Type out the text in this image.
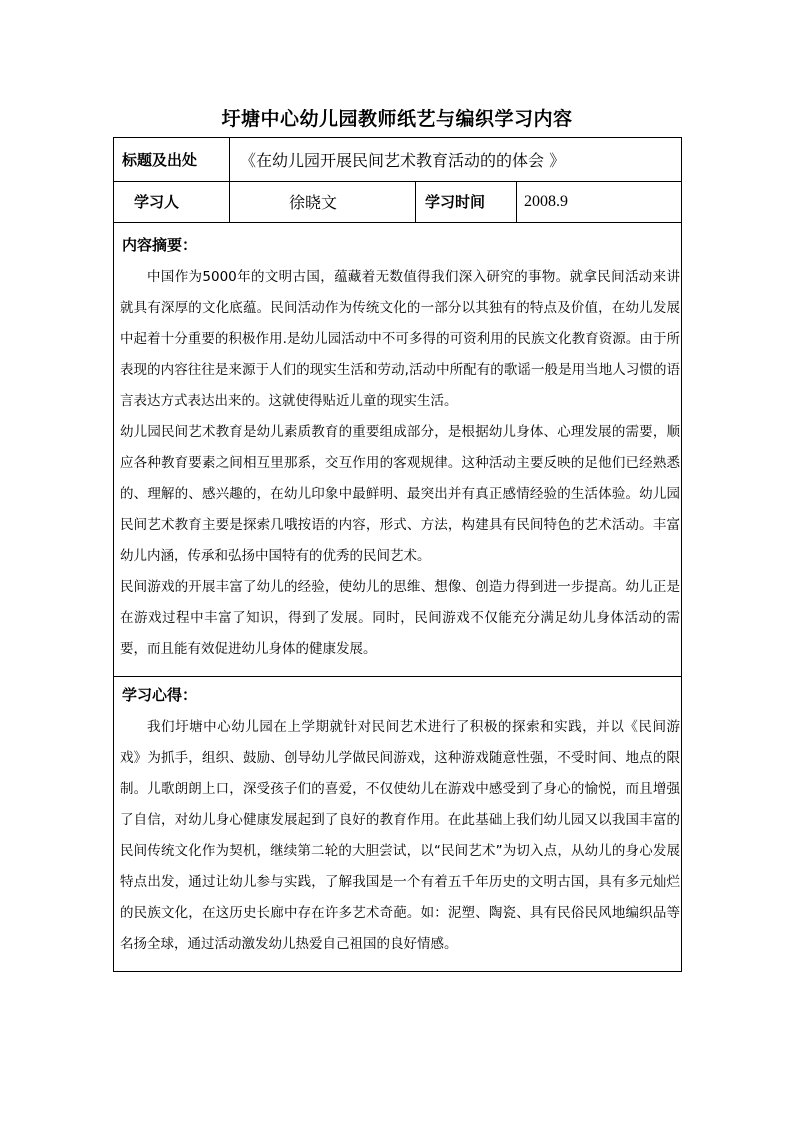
圩塘中心幼儿园教师纸艺与编织学习内容
标题及出处	《在幼儿园开展民间艺术教育活动的的体会 》
学习人	徐晓文	学习时间 2008.9
内容摘要：

中国作为5000年的文明古国，蕴藏着无数值得我们深入研究的事物。就拿民间活动来讲就具有深厚的文化底蕴。民间活动作为传统文化的一部分以其独有的特点及价值，在幼儿发展中起着十分重要的积极作用.是幼儿园活动中不可多得的可资利用的民族文化教育资源。由于所表现的内容往往是来源于人们的现实生活和劳动,活动中所配有的歌谣一般是用当地人习惯的语言表达方式表达出来的。这就使得贴近儿童的现实生活。

幼儿园民间艺术教育是幼儿素质教育的重要组成部分，是根据幼儿身体、心理发展的需要，顺应各种教育要素之间相互里那系，交互作用的客观规律。这种活动主要反映的足他们已经熟悉的、理解的、感兴趣的，在幼儿印象中最鲜明、最突出并有真正感情经验的生活体验。幼儿园民间艺术教育主要是探索几哦按语的内容，形式、方法，构建具有民间特色的艺术活动。丰富幼儿内涵，传承和弘扬中国特有的优秀的民间艺术。

民间游戏的开展丰富了幼儿的经验，使幼儿的思维、想像、创造力得到进一步提高。幼儿正是在游戏过程中丰富了知识，得到了发展。同时，民间游戏不仅能充分满足幼儿身体活动的需要，而且能有效促进幼儿身体的健康发展。

学习心得：

我们圩塘中心幼儿园在上学期就针对民间艺术进行了积极的探索和实践，并以《民间游戏》为抓手，组织、鼓励、创导幼儿学做民间游戏，这种游戏随意性强，不受时间、地点的限制。儿歌朗朗上口，深受孩子们的喜爱，不仅使幼儿在游戏中感受到了身心的愉悦，而且增强了自信，对幼儿身心健康发展起到了良好的教育作用。在此基础上我们幼儿园又以我国丰富的民间传统文化作为契机，继续第二轮的大胆尝试，以“民间艺术”为切入点，从幼儿的身心发展特点出发，通过让幼儿参与实践，了解我国是一个有着五千年历史的文明古国，具有多元灿烂的民族文化，在这历史长廊中存在许多艺术奇葩。如：泥塑、陶瓷、具有民俗民风地编织品等名扬全球，通过活动激发幼儿热爱自己祖国的良好情感。
